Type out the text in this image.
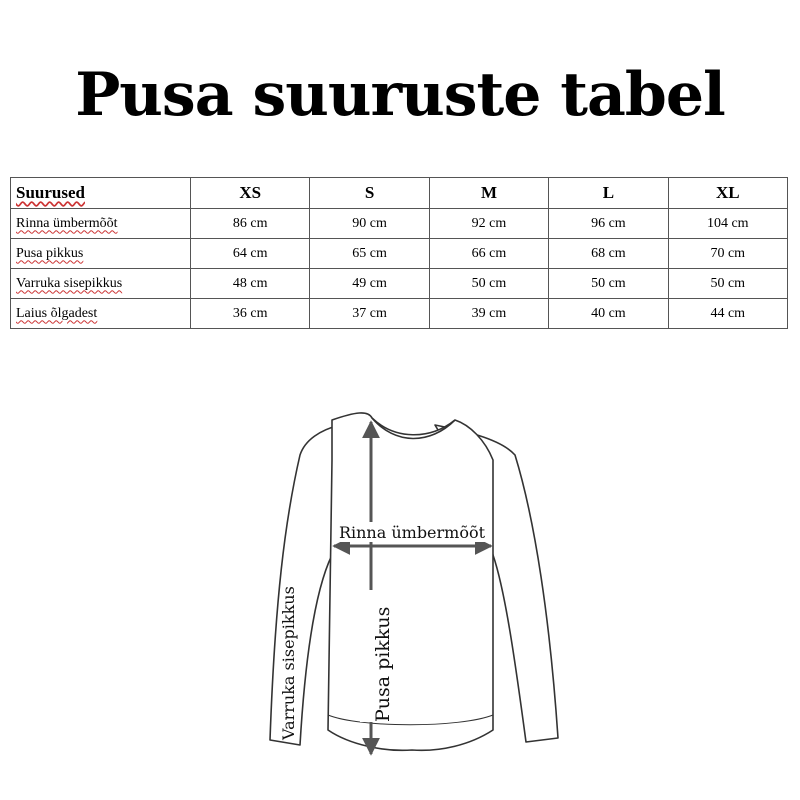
Pusa suuruste tabel
Suurused	XS	S	M	L	XL
Rinna ümbermõõt	86 cm	90 cm	92 cm	96 cm	104 cm
Pusa pikkus	64 cm	65 cm	66 cm	68 cm	70 cm
Varruka sisepikkus	48 cm	49 cm	50 cm	50 cm	50 cm
Laius õlgadest	36 cm	37 cm	39 cm	40 cm	44 cm
Rinna ümbermõõt
Pusa pikkus
Varruka sisepikkus
